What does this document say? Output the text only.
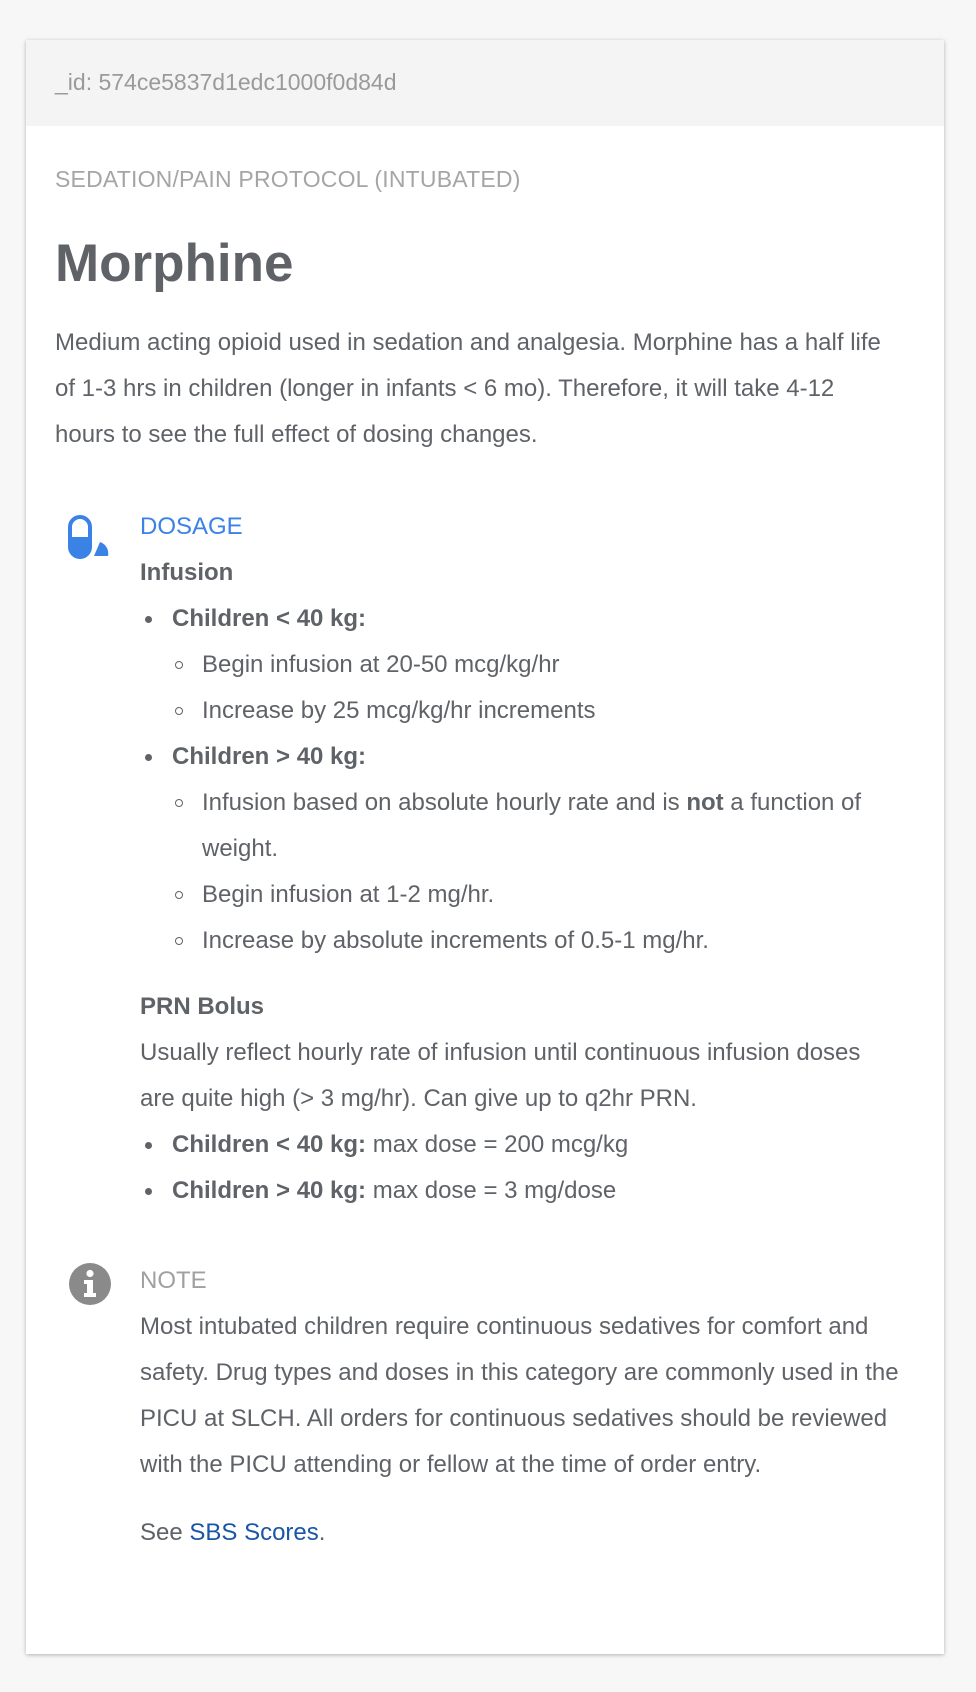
_id: 574ce5837d1edc1000f0d84d
SEDATION/PAIN PROTOCOL (INTUBATED)
Morphine
Medium acting opioid used in sedation and analgesia. Morphine has a half life of 1-3 hrs in children (longer in infants < 6 mo). Therefore, it will take 4-12 hours to see the full effect of dosing changes.
DOSAGE
Infusion
Children < 40 kg:
Begin infusion at 20-50 mcg/kg/hr
Increase by 25 mcg/kg/hr increments
Children > 40 kg:
Infusion based on absolute hourly rate and is not a function of weight.
Begin infusion at 1-2 mg/hr.
Increase by absolute increments of 0.5-1 mg/hr.
PRN Bolus
Usually reflect hourly rate of infusion until continuous infusion doses are quite high (> 3 mg/hr). Can give up to q2hr PRN.
Children < 40 kg: max dose = 200 mcg/kg
Children > 40 kg: max dose = 3 mg/dose
NOTE
Most intubated children require continuous sedatives for comfort and safety. Drug types and doses in this category are commonly used in the PICU at SLCH. All orders for continuous sedatives should be reviewed with the PICU attending or fellow at the time of order entry.
See SBS Scores.
